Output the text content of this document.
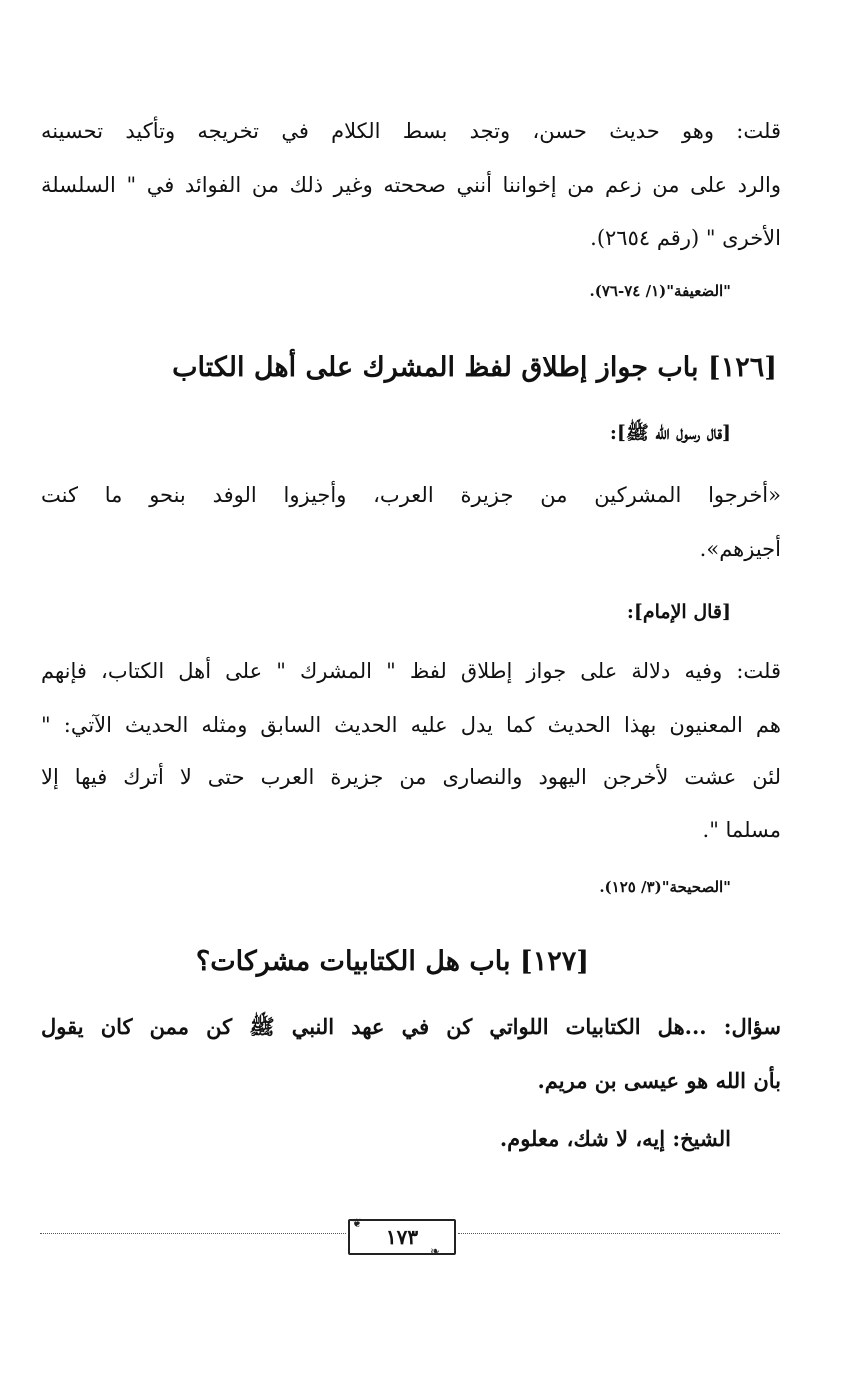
قلت: وهو حديث حسن، وتجد بسط الكلام في تخريجه وتأكيد تحسينه
والرد على من زعم من إخواننا أنني صححته وغير ذلك من الفوائد في " السلسلة
الأخرى " (رقم ٢٦٥٤).
"الضعيفة"(١/ ٧٤-٧٦).
[١٢٦] باب جواز إطلاق لفظ المشرك على أهل الكتاب
[قال رسول الله ﷺ]:
«أخرجوا المشركين من جزيرة العرب، وأجيزوا الوفد بنحو ما كنت
أجيزهم».
[قال الإمام]:
قلت: وفيه دلالة على جواز إطلاق لفظ " المشرك " على أهل الكتاب، فإنهم
هم المعنيون بهذا الحديث كما يدل عليه الحديث السابق ومثله الحديث الآتي: "
لئن عشت لأخرجن اليهود والنصارى من جزيرة العرب حتى لا أترك فيها إلا
مسلما ".
"الصحيحة"(٣/ ١٢٥).
[١٢٧] باب هل الكتابيات مشركات؟
سؤال: ...هل الكتابيات اللواتي كن في عهد النبي ﷺ كن ممن كان يقول
بأن الله هو عيسى بن مريم.
الشيخ: إيه، لا شك، معلوم.
١٧٣
❦
❧
